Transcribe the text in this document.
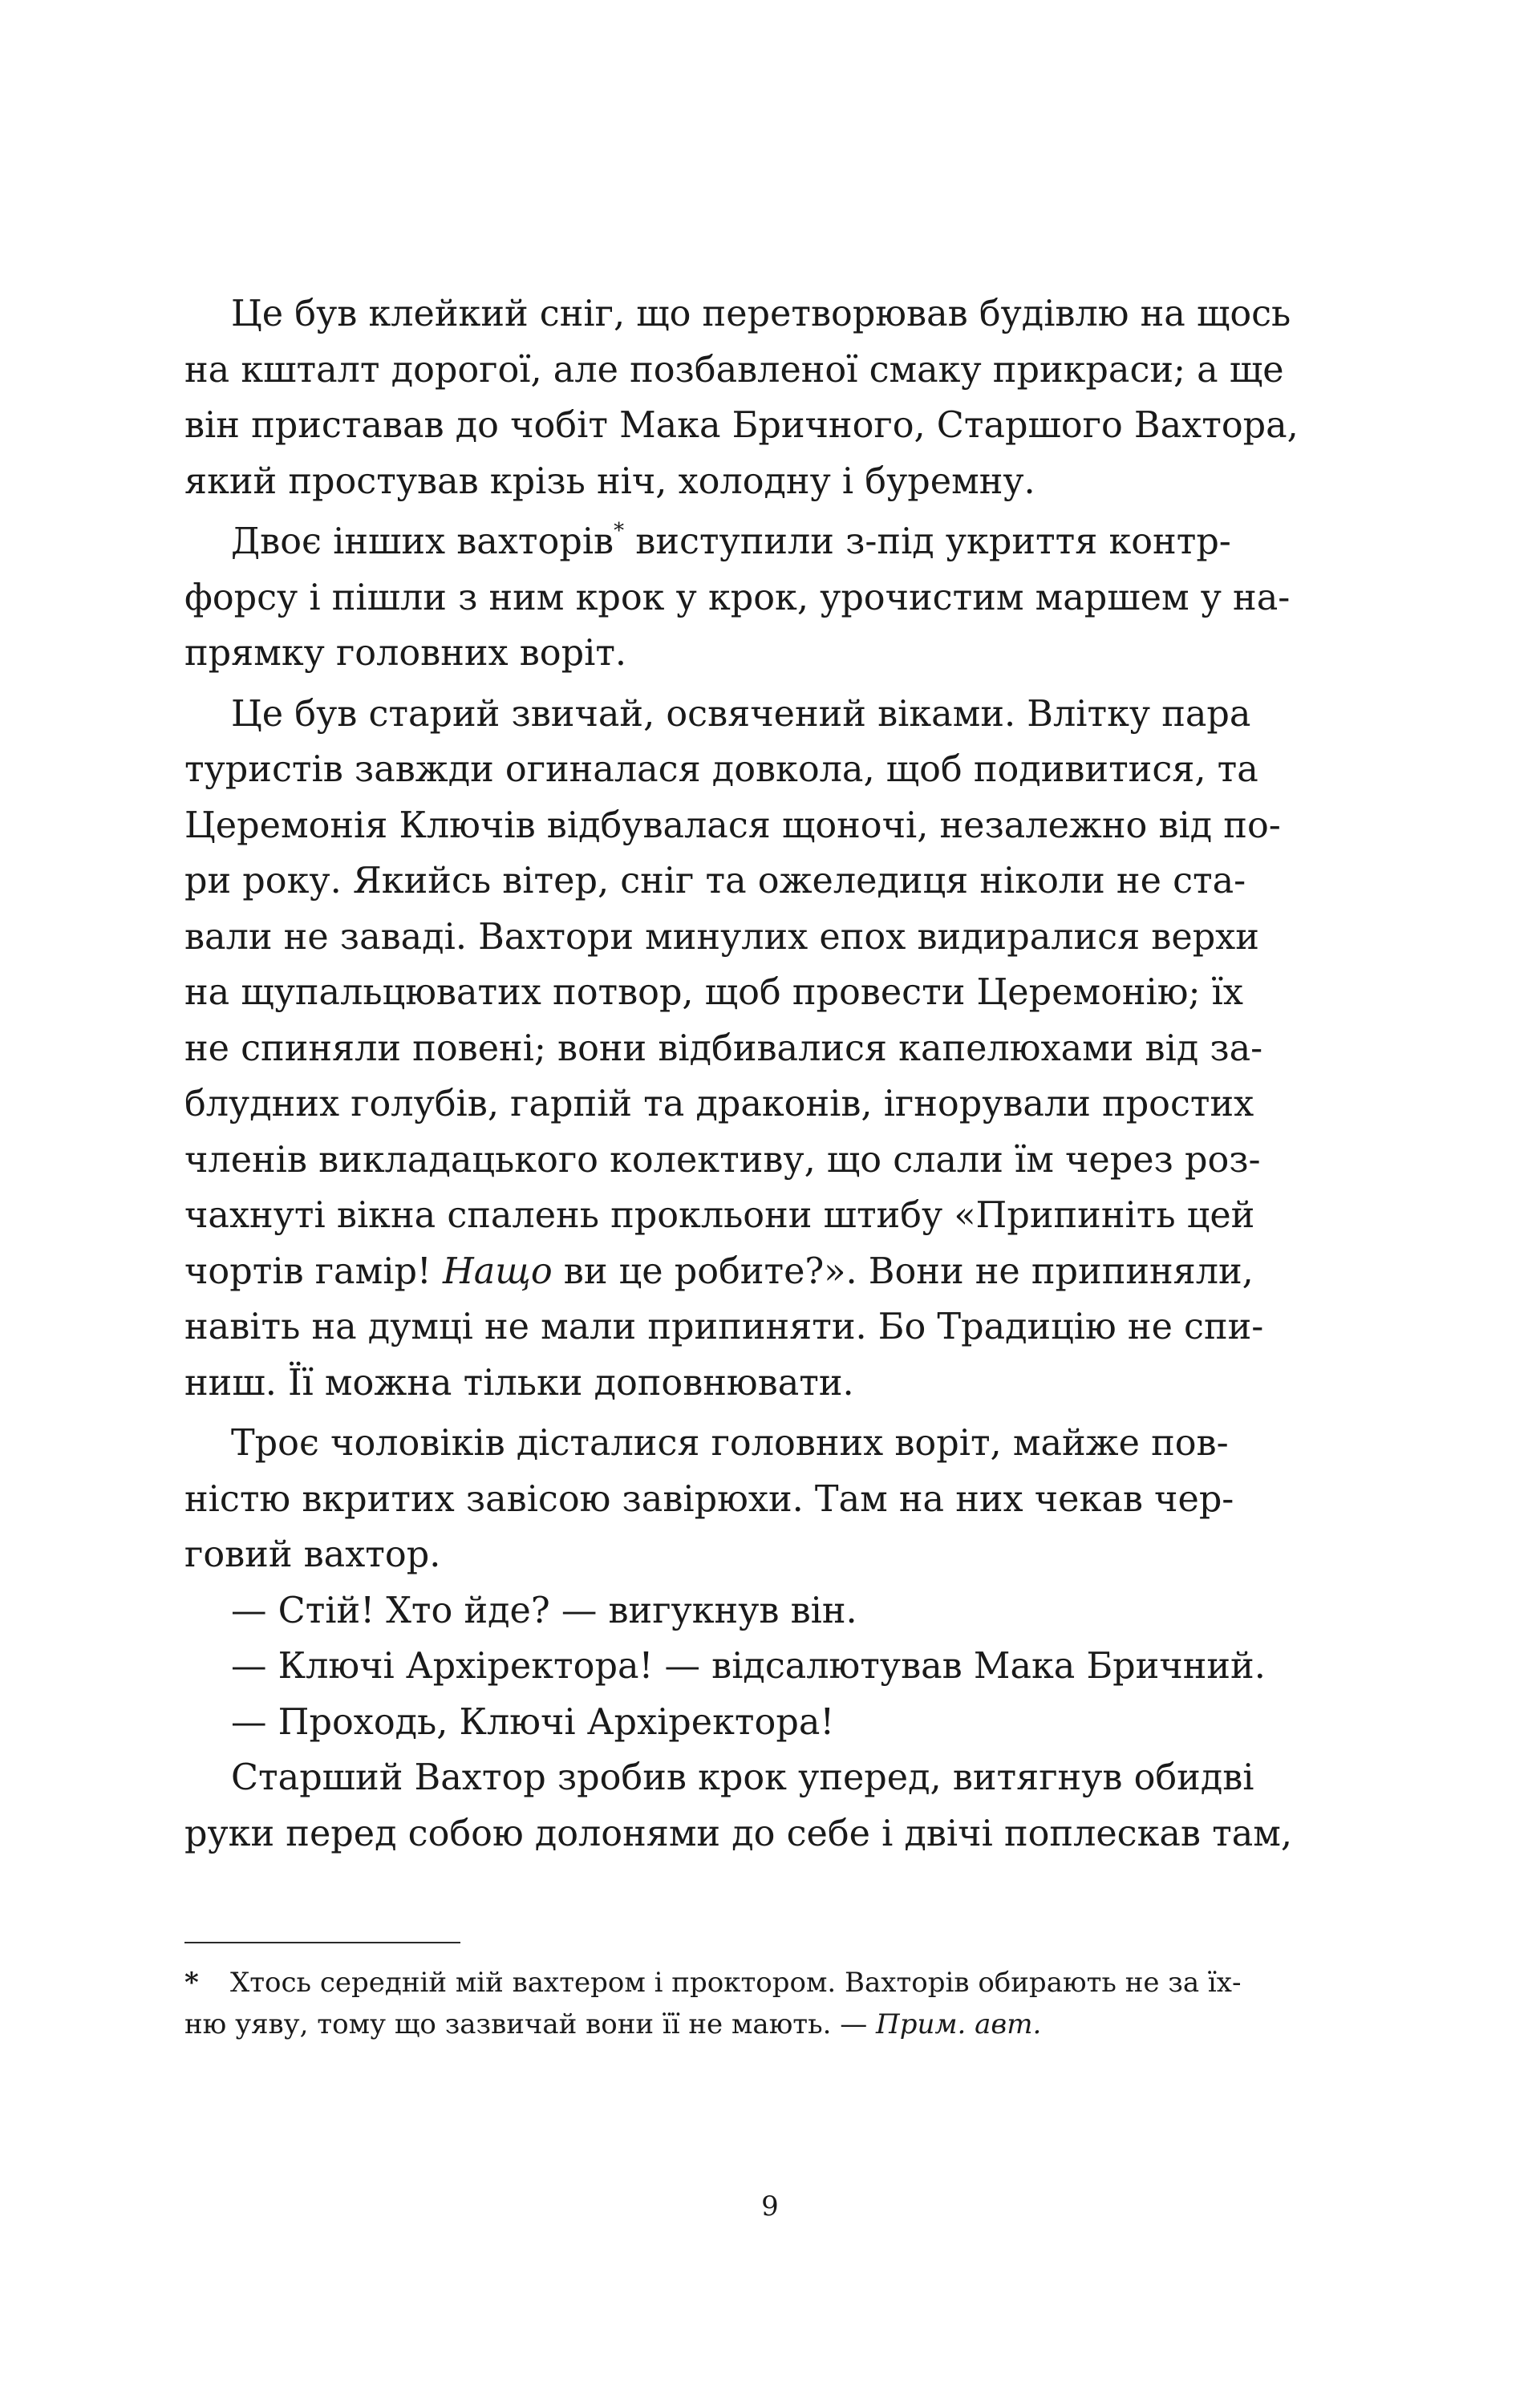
Це був клейкий сніг, що перетворював будівлю на щось
на кшталт дорогої, але позбавленої смаку прикраси; а ще
він приставав до чобіт Мака Бричного, Старшого Вахтора,
який простував крізь ніч, холодну і буремну.
Двоє інших вахторів* виступили з-під укриття контр-
форсу і пішли з ним крок у крок, урочистим маршем у на-
прямку головних воріт.
Це був старий звичай, освячений віками. Влітку пара
туристів завжди огиналася довкола, щоб подивитися, та
Церемонія Ключів відбувалася щоночі, незалежно від по-
ри року. Якийсь вітер, сніг та ожеледиця ніколи не ста-
вали не заваді. Вахтори минулих епох видиралися верхи
на щупальцюватих потвор, щоб провести Церемонію; їх
не спиняли повені; вони відбивалися капелюхами від за-
блудних голубів, гарпій та драконів, ігнорували простих
членів викладацького колективу, що слали їм через роз-
чахнуті вікна спалень прокльони штибу «Припиніть цей
чортів гамір! Нащо ви це робите?». Вони не припиняли,
навіть на думці не мали припиняти. Бо Традицію не спи-
ниш. Її можна тільки доповнювати.
Троє чоловіків дісталися головних воріт, майже пов-
ністю вкритих завісою завірюхи. Там на них чекав чер-
говий вахтор.
— Стій! Хто йде? — вигукнув він.
— Ключі Архіректора! — відсалютував Мака Бричний.
— Проходь, Ключі Архіректора!
Старший Вахтор зробив крок уперед, витягнув обидві
руки перед собою долонями до себе і двічі поплескав там,
* Хтось середній мій вахтером і проктором. Вахторів обирають не за їх-
ню уяву, тому що зазвичай вони її не мають. — Прим. авт.
9
